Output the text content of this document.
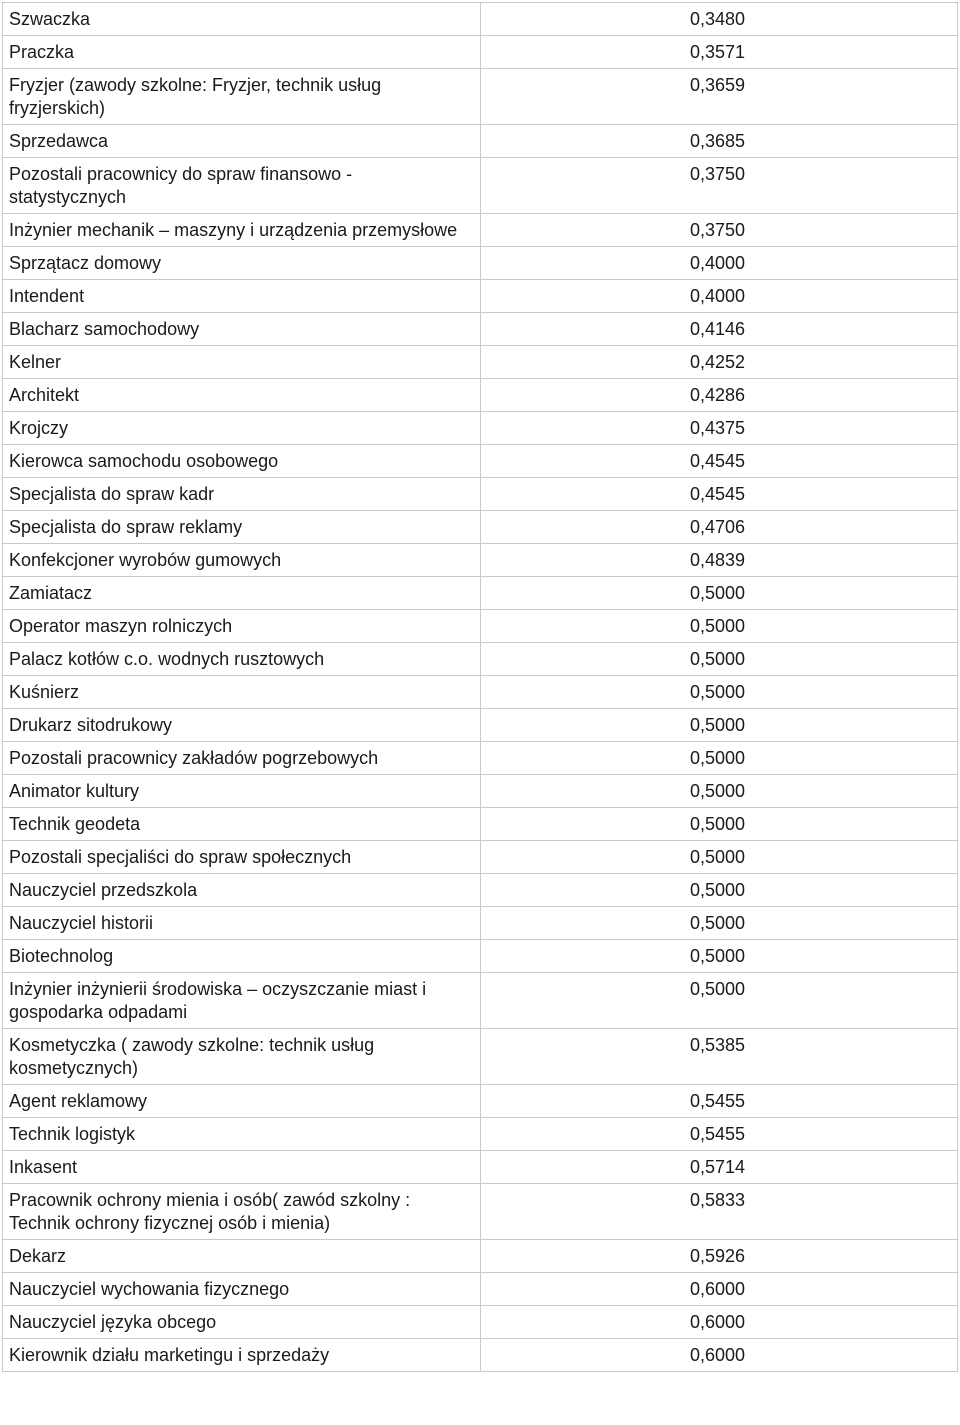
Szwaczka	0,3480
Praczka	0,3571
Fryzjer (zawody szkolne: Fryzjer, technik usług fryzjerskich)	0,3659
Sprzedawca	0,3685
Pozostali pracownicy do spraw finansowo - statystycznych	0,3750
Inżynier mechanik – maszyny i urządzenia przemysłowe	0,3750
Sprzątacz domowy	0,4000
Intendent	0,4000
Blacharz samochodowy	0,4146
Kelner	0,4252
Architekt	0,4286
Krojczy	0,4375
Kierowca samochodu osobowego	0,4545
Specjalista do spraw kadr	0,4545
Specjalista do spraw reklamy	0,4706
Konfekcjoner wyrobów gumowych	0,4839
Zamiatacz	0,5000
Operator maszyn rolniczych	0,5000
Palacz kotłów c.o. wodnych rusztowych	0,5000
Kuśnierz	0,5000
Drukarz sitodrukowy	0,5000
Pozostali pracownicy zakładów pogrzebowych	0,5000
Animator kultury	0,5000
Technik geodeta	0,5000
Pozostali specjaliści do spraw społecznych	0,5000
Nauczyciel przedszkola	0,5000
Nauczyciel historii	0,5000
Biotechnolog	0,5000
Inżynier inżynierii środowiska – oczyszczanie miast i gospodarka odpadami	0,5000
Kosmetyczka ( zawody szkolne: technik usług kosmetycznych)	0,5385
Agent reklamowy	0,5455
Technik logistyk	0,5455
Inkasent	0,5714
Pracownik ochrony mienia i osób( zawód szkolny : Technik ochrony fizycznej osób i mienia)	0,5833
Dekarz	0,5926
Nauczyciel wychowania fizycznego	0,6000
Nauczyciel języka obcego	0,6000
Kierownik działu marketingu i sprzedaży	0,6000
